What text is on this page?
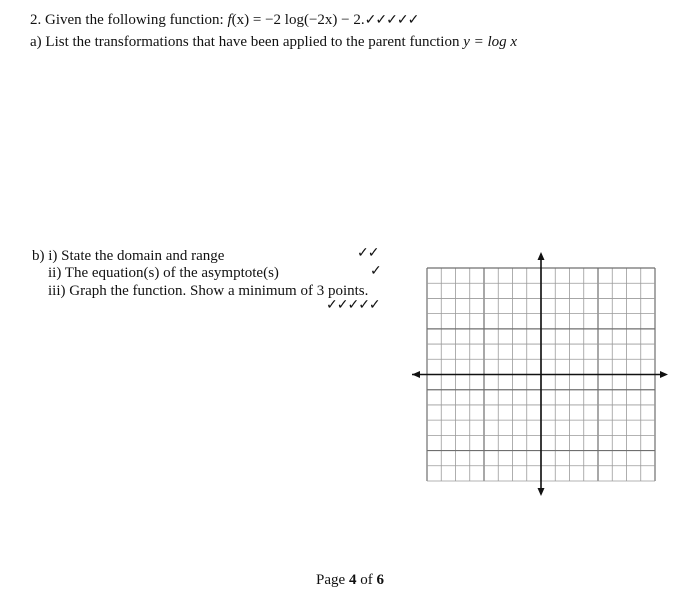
2. Given the following function: f(x) = −2 log(−2x) − 2.✓✓✓✓✓
a) List the transformations that have been applied to the parent function y = log x
b) i) State the domain and range	✓✓
ii) The equation(s) of the asymptote(s)	✓
iii) Graph the function. Show a minimum of 3 points.
✓✓✓✓✓
Page 4 of 6
